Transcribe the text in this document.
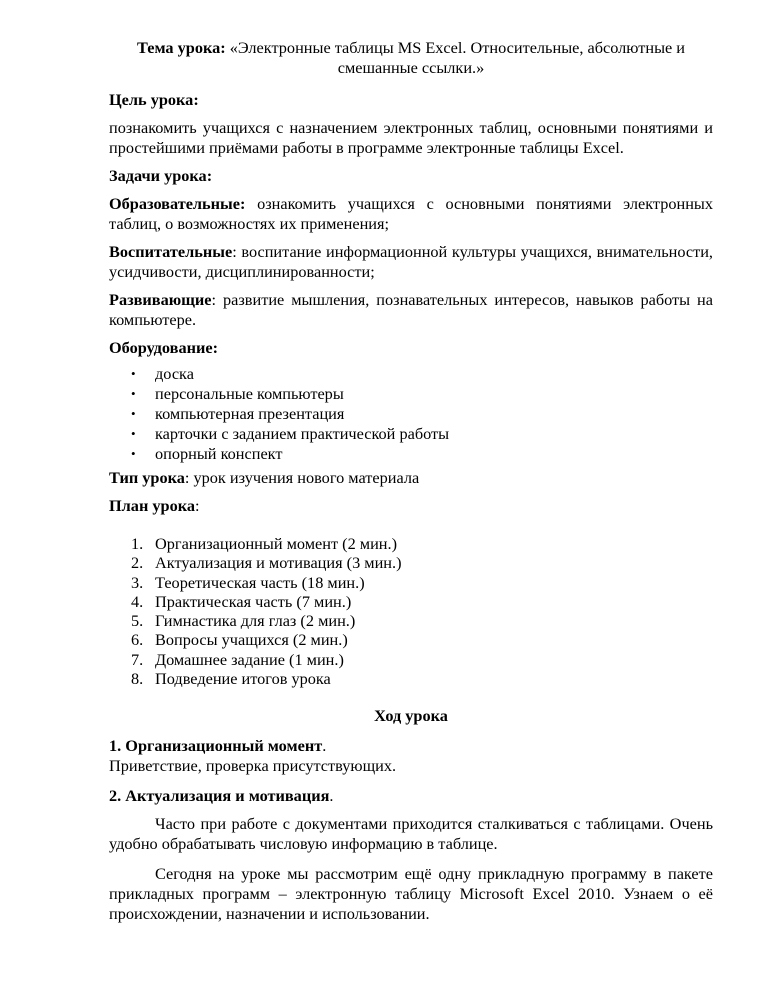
Тема урока: «Электронные таблицы MS Excel. Относительные, абсолютные и смешанные ссылки.»

Цель урока:

познакомить учащихся с назначением электронных таблиц, основными понятиями и простейшими приёмами работы в программе электронные таблицы Excel.

Задачи урока:

Образовательные: ознакомить учащихся с основными понятиями электронных таблиц, о возможностях их применения;

Воспитательные: воспитание информационной культуры учащихся, внимательности, усидчивости, дисциплинированности;

Развивающие: развитие мышления, познавательных интересов, навыков работы на компьютере.

Оборудование:

• доска
• персональные компьютеры
• компьютерная презентация
• карточки с заданием практической работы
• опорный конспект

Тип урока: урок изучения нового материала

План урока:

1. Организационный момент (2 мин.)
2. Актуализация и мотивация (3 мин.)
3. Теоретическая часть (18 мин.)
4. Практическая часть (7 мин.)
5. Гимнастика для глаз (2 мин.)
6. Вопросы учащихся (2 мин.)
7. Домашнее задание (1 мин.)
8. Подведение итогов урока

Ход урока

1. Организационный момент.

Приветствие, проверка присутствующих.

2. Актуализация и мотивация.

Часто при работе с документами приходится сталкиваться с таблицами. Очень удобно обрабатывать числовую информацию в таблице.

Сегодня на уроке мы рассмотрим ещё одну прикладную программу в пакете прикладных программ – электронную таблицу Microsoft Excel 2010. Узнаем о её происхождении, назначении и использовании.
